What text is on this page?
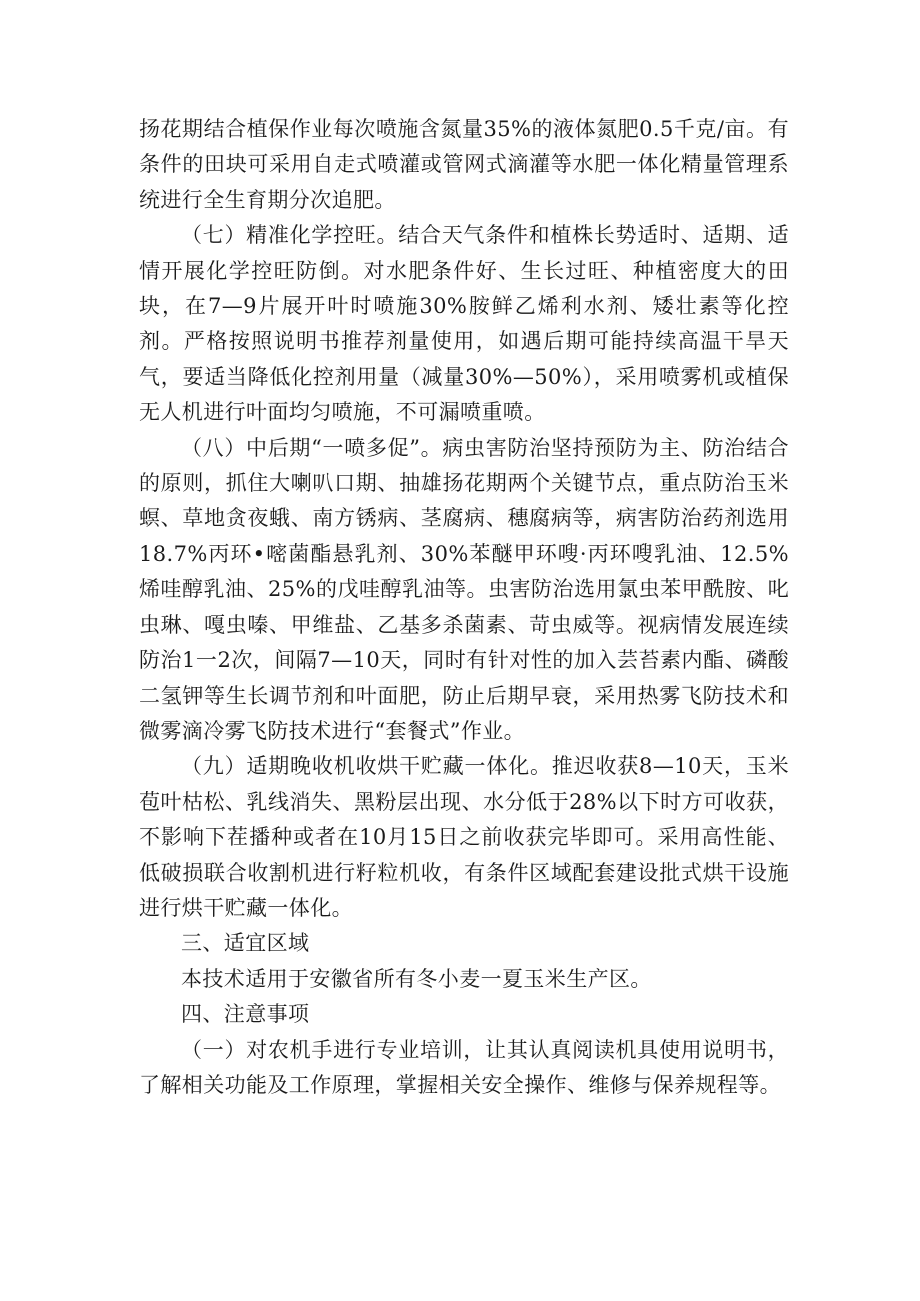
扬花期结合植保作业每次喷施含氮量35%的液体氮肥0.5千克/亩。有条件的田块可采用自走式喷灌或管网式滴灌等水肥一体化精量管理系统进行全生育期分次追肥。

（七）精准化学控旺。结合天气条件和植株长势适时、适期、适情开展化学控旺防倒。对水肥条件好、生长过旺、种植密度大的田块，在7—9片展开叶时喷施30%胺鲜乙烯利水剂、矮壮素等化控剂。严格按照说明书推荐剂量使用，如遇后期可能持续高温干旱天气，要适当降低化控剂用量（减量30%—50%），采用喷雾机或植保无人机进行叶面均匀喷施，不可漏喷重喷。

（八）中后期“一喷多促”。病虫害防治坚持预防为主、防治结合的原则，抓住大喇叭口期、抽雄扬花期两个关键节点，重点防治玉米螟、草地贪夜蛾、南方锈病、茎腐病、穗腐病等，病害防治药剂选用18.7%丙环•嘧菌酯悬乳剂、30%苯醚甲环嗖·丙环嗖乳油、12.5%烯哇醇乳油、25%的戊哇醇乳油等。虫害防治选用氯虫苯甲酰胺、叱虫琳、嘎虫嗪、甲维盐、乙基多杀菌素、苛虫威等。视病情发展连续防治1一2次，间隔7—10天，同时有针对性的加入芸苔素内酯、磷酸二氢钾等生长调节剂和叶面肥，防止后期早衰，采用热雾飞防技术和微雾滴冷雾飞防技术进行“套餐式”作业。

（九）适期晚收机收烘干贮藏一体化。推迟收获8—10天，玉米苞叶枯松、乳线消失、黑粉层出现、水分低于28%以下时方可收获，不影响下茬播种或者在10月15日之前收获完毕即可。采用高性能、低破损联合收割机进行籽粒机收，有条件区域配套建设批式烘干设施进行烘干贮藏一体化。

三、适宜区域

本技术适用于安徽省所有冬小麦一夏玉米生产区。

四、注意事项

（一）对农机手进行专业培训，让其认真阅读机具使用说明书，了解相关功能及工作原理，掌握相关安全操作、维修与保养规程等。
